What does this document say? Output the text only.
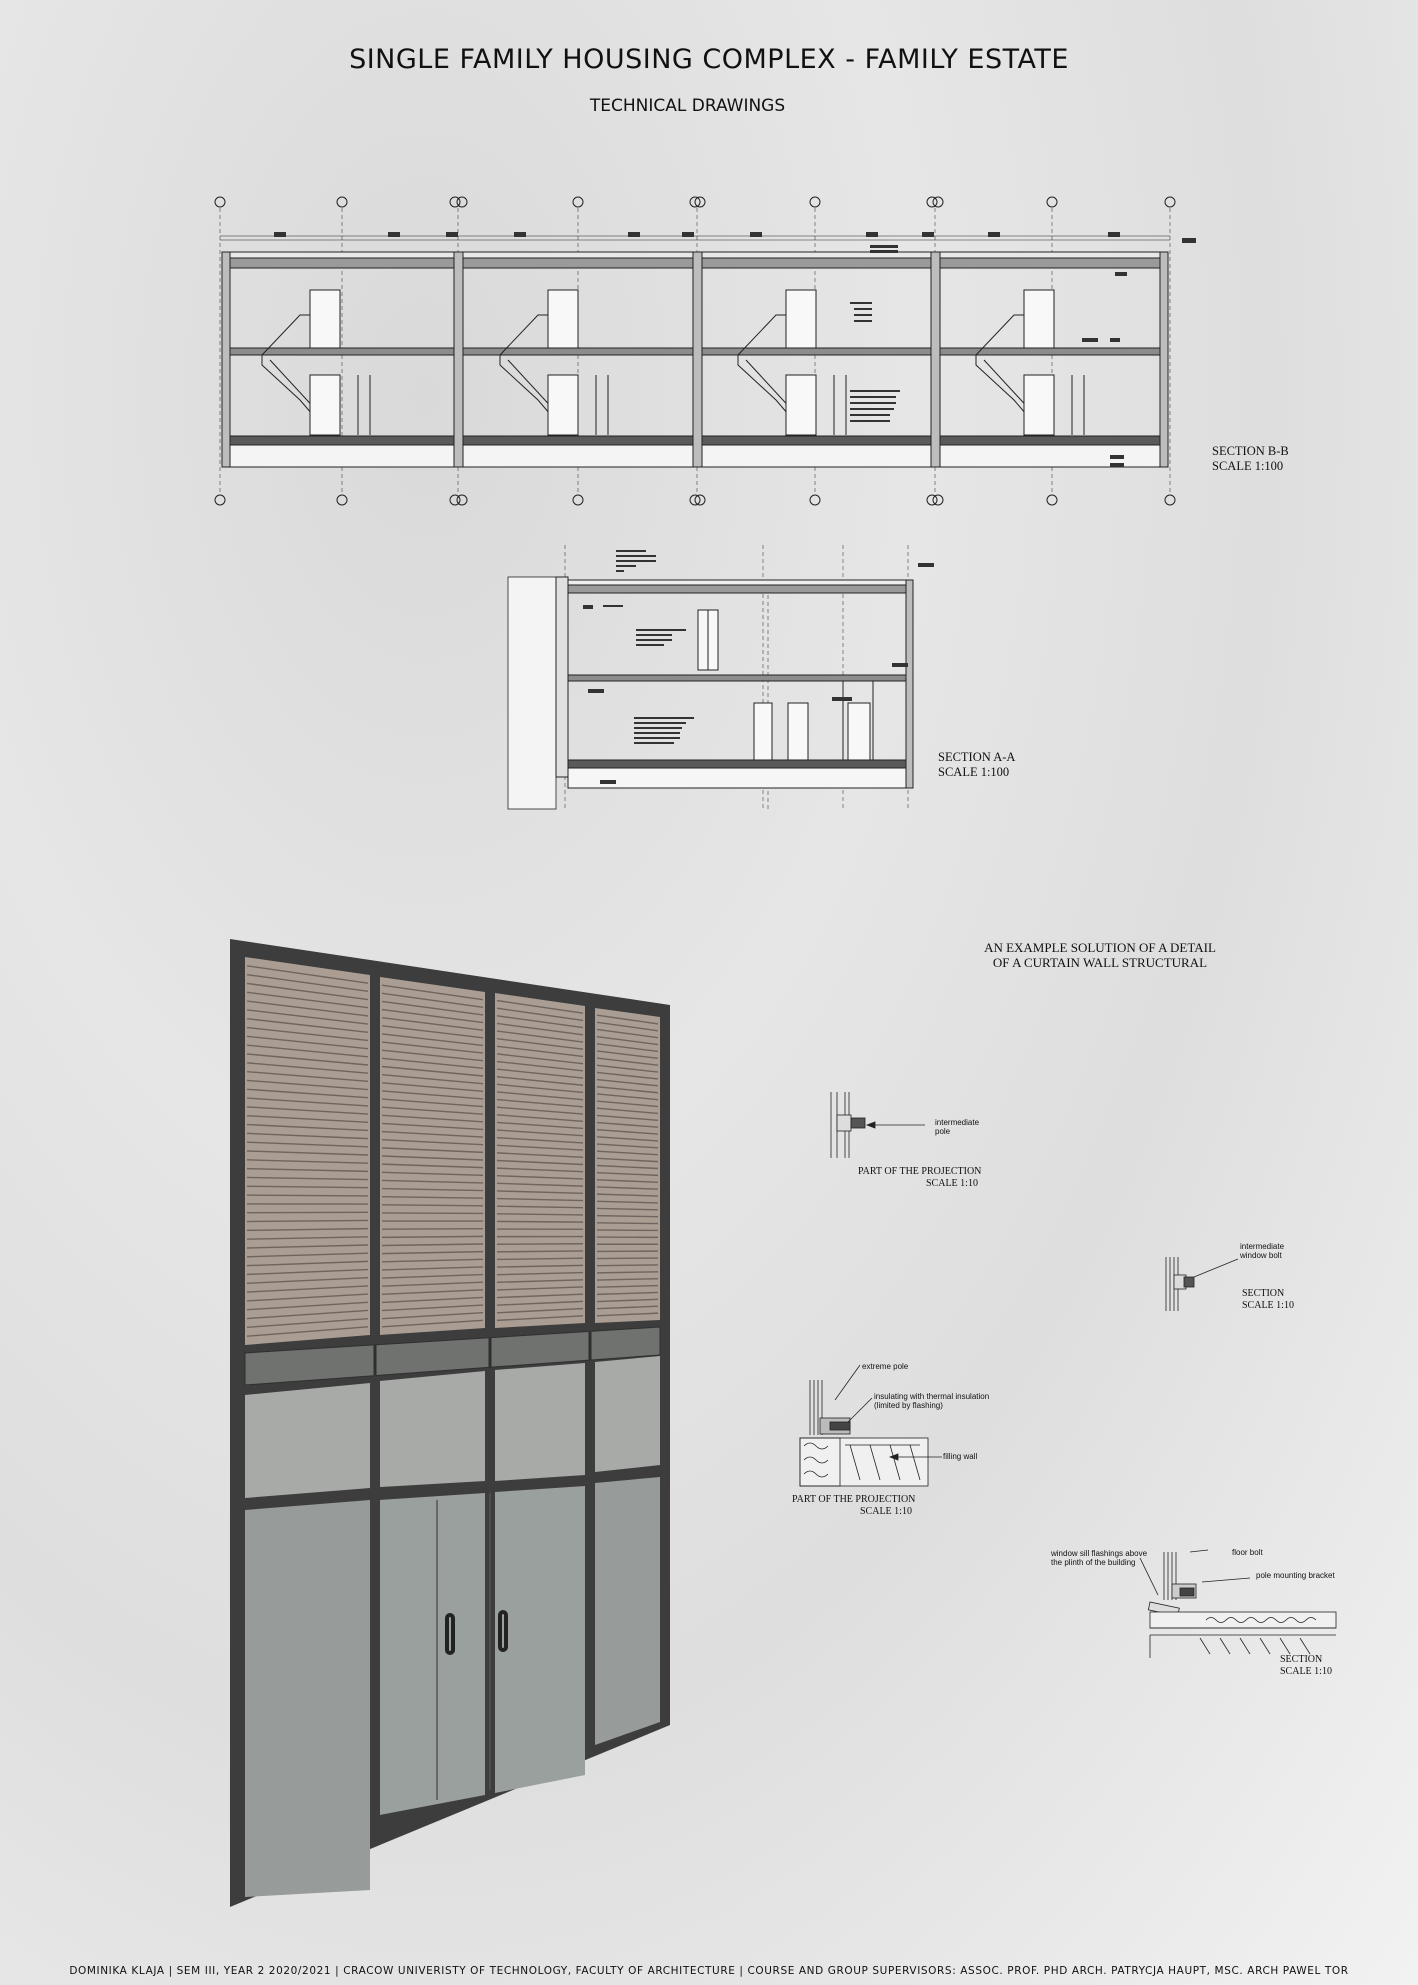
SINGLE FAMILY HOUSING COMPLEX - FAMILY ESTATE
TECHNICAL DRAWINGS
SECTION B-B
SCALE 1:100
SECTION A-A
SCALE 1:100
AN EXAMPLE SOLUTION OF A DETAIL
OF A CURTAIN WALL STRUCTURAL
intermediate
pole
PART OF THE PROJECTION
SCALE 1:10
intermediate
window bolt
SECTION
SCALE 1:10
extreme pole
insulating with thermal insulation
(limited by flashing)
filling wall
PART OF THE PROJECTION
SCALE 1:10
window sill flashings above
the plinth of the building
floor bolt
pole mounting bracket
SECTION
SCALE 1:10
DOMINIKA KLAJA | SEM III, YEAR 2 2020/2021 | CRACOW UNIVERISTY OF TECHNOLOGY, FACULTY OF ARCHITECTURE | COURSE AND GROUP SUPERVISORS: ASSOC. PROF. PHD ARCH. PATRYCJA HAUPT, MSC. ARCH PAWEL TOR
